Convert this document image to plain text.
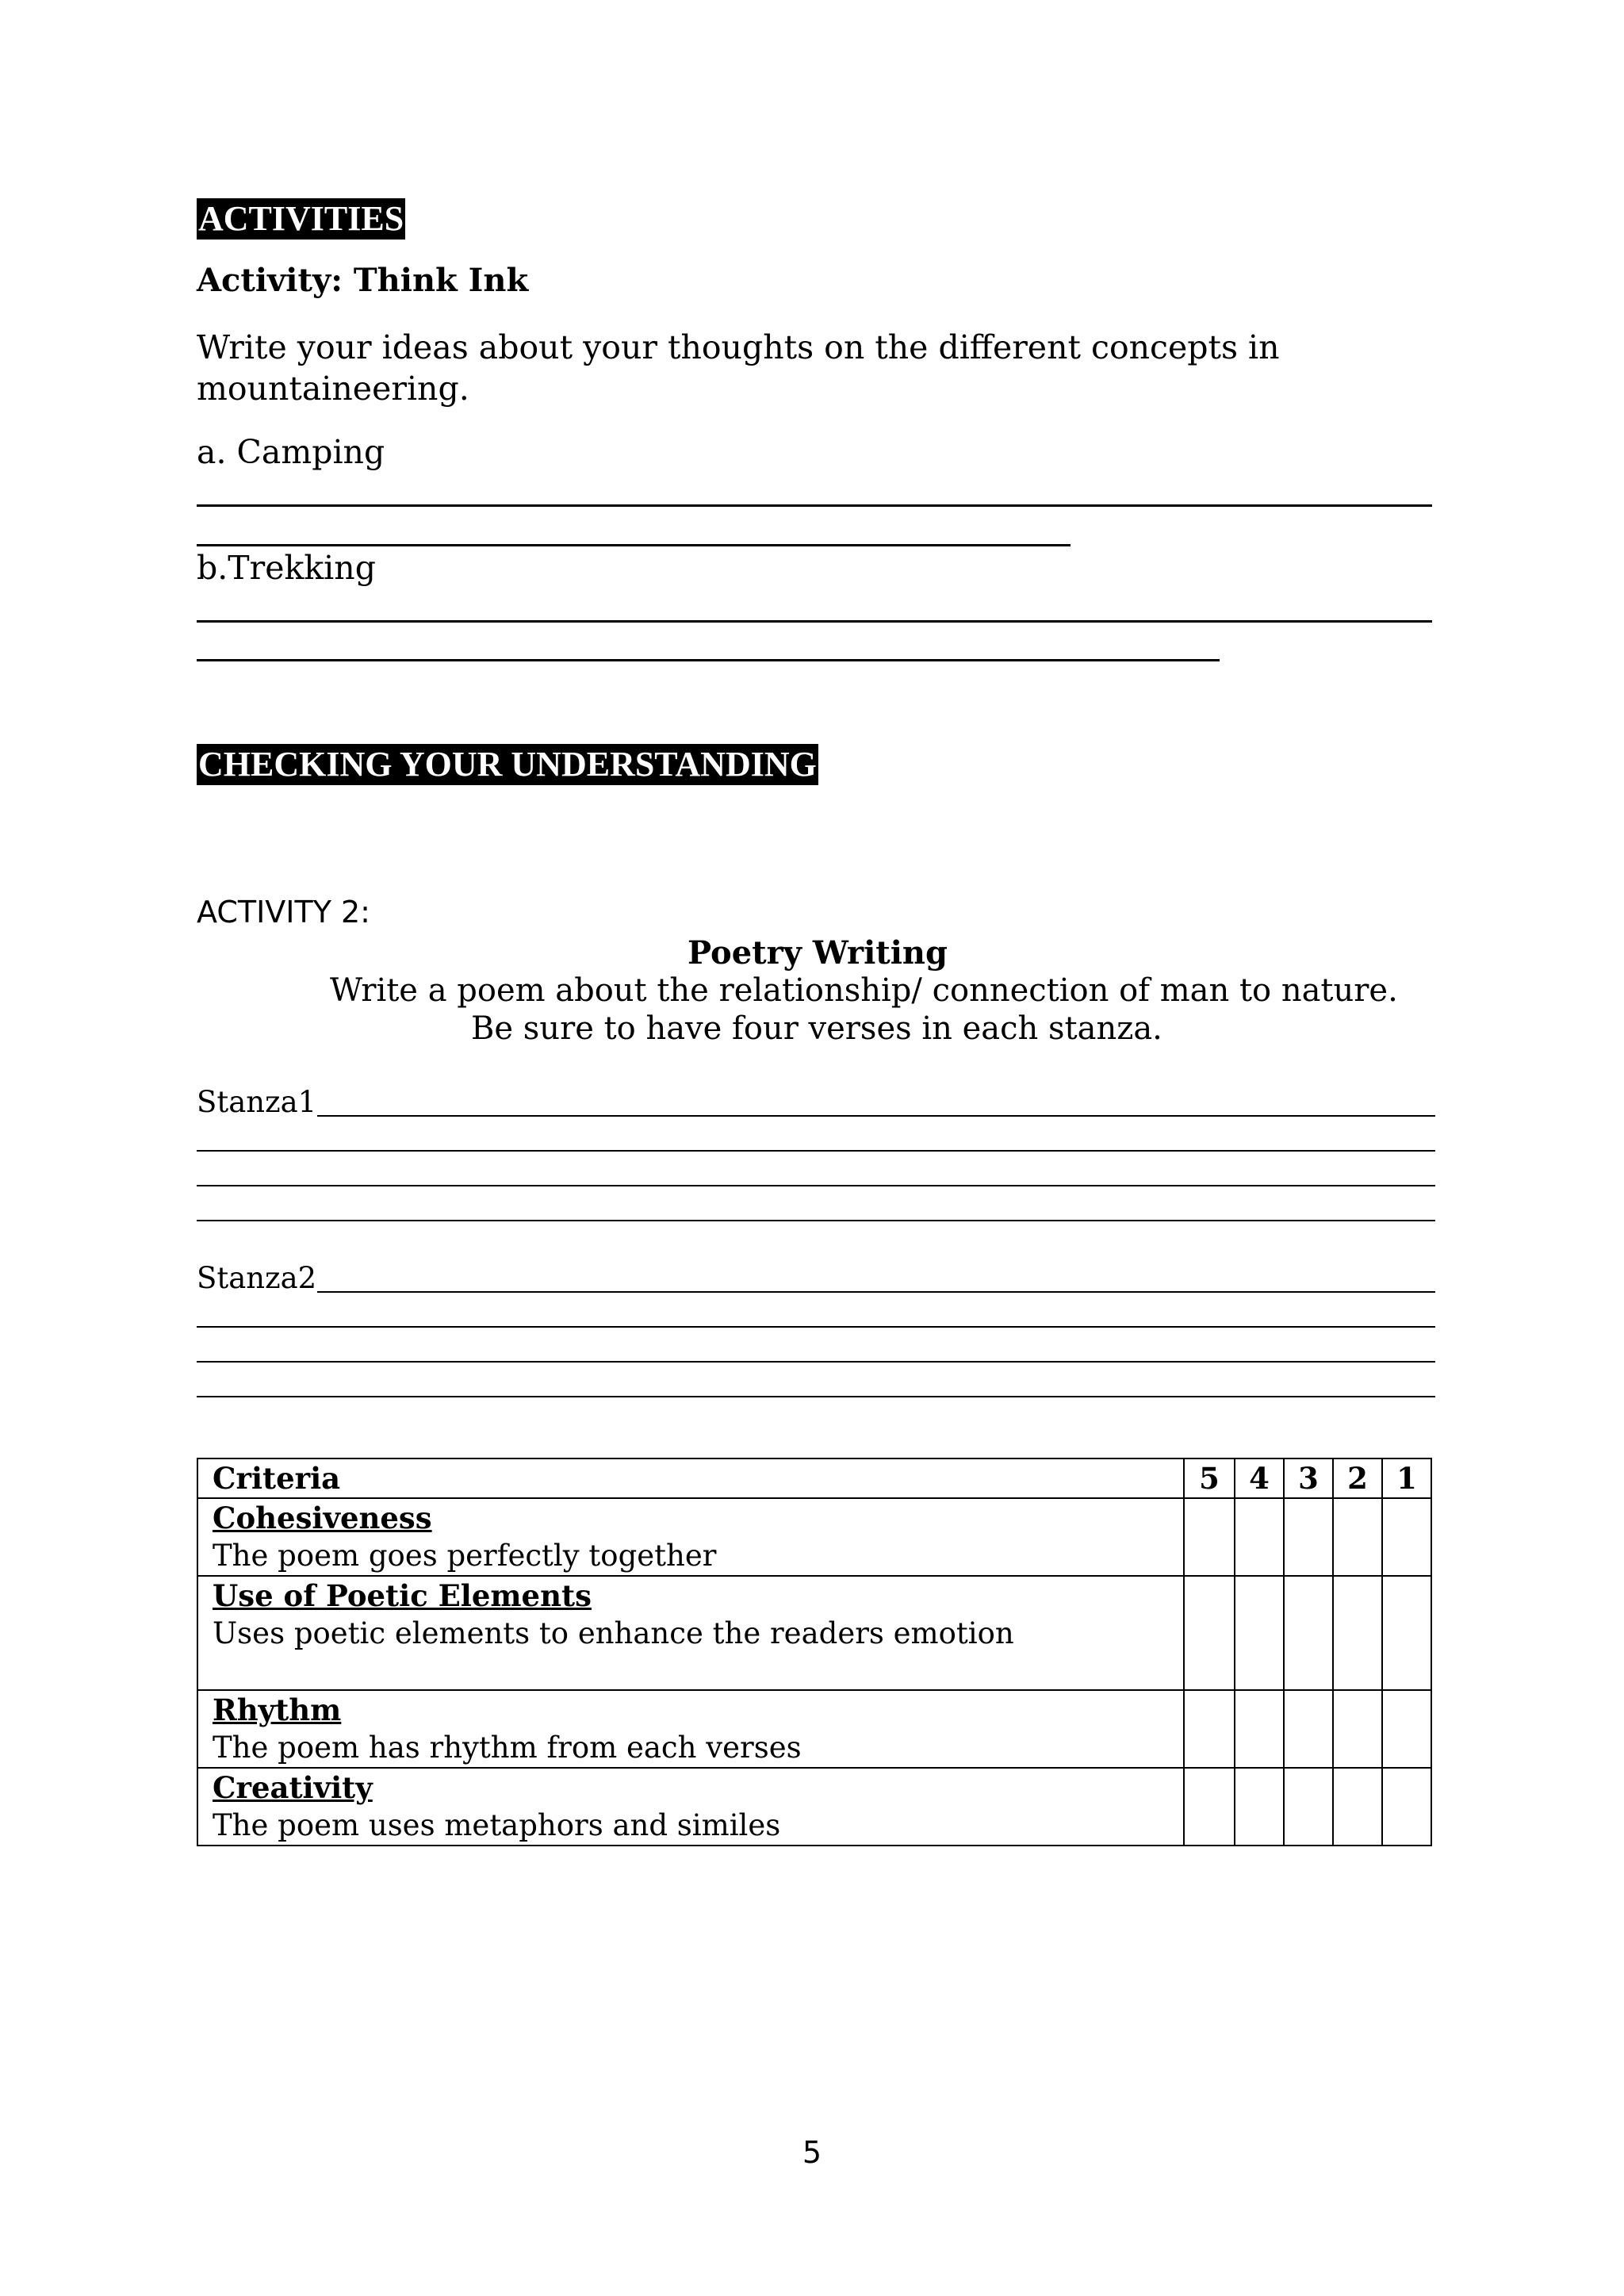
ACTIVITIES
Activity: Think Ink
Write your ideas about your thoughts on the different concepts in
mountaineering.
a. Camping
b.Trekking
CHECKING YOUR UNDERSTANDING
ACTIVITY 2:
Poetry Writing
Write a poem about the relationship/ connection of man to nature.
Be sure to have four verses in each stanza.
Stanza1
Stanza2
Criteria	5	4	3	2	1

Cohesiveness
The poem goes perfectly together					

Use of Poetic Elements
Uses poetic elements to enhance the readers emotion					

Rhythm
The poem has rhythm from each verses					

Creativity
The poem uses metaphors and similes					

5
